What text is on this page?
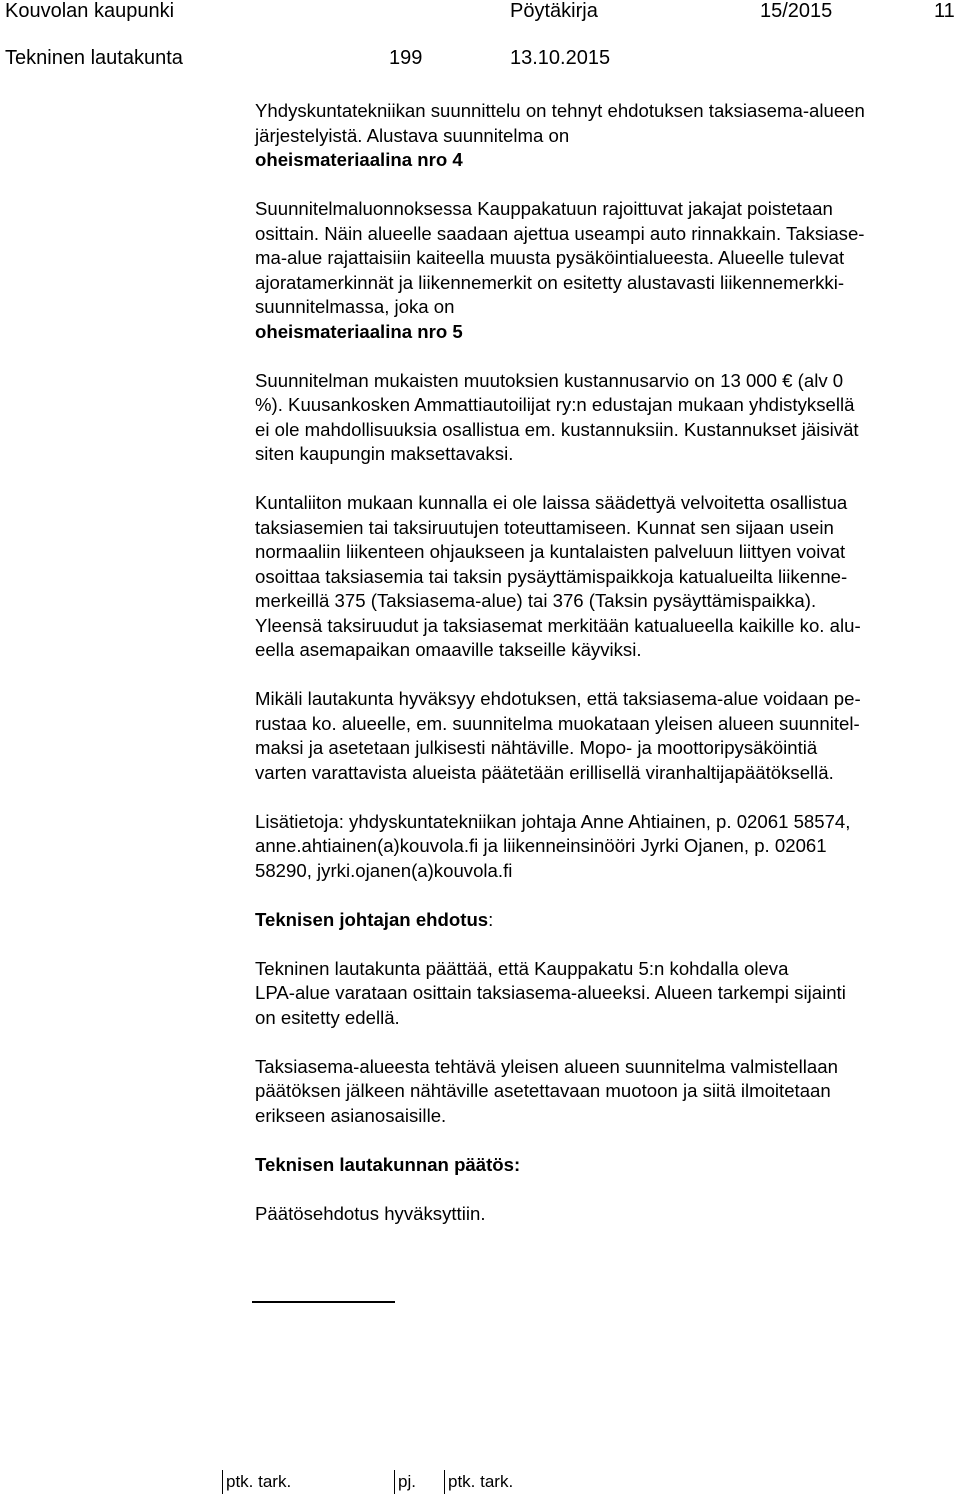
Kouvolan kaupunki	Pöytäkirja	15/2015	11
Tekninen lautakunta	199	13.10.2015

Yhdyskuntatekniikan suunnittelu on tehnyt ehdotuksen taksiasema-alueen
järjestelyistä. Alustava suunnitelma on
oheismateriaalina nro 4

Suunnitelmaluonnoksessa Kauppakatuun rajoittuvat jakajat poistetaan
osittain. Näin alueelle saadaan ajettua useampi auto rinnakkain. Taksiase-
ma-alue rajattaisiin kaiteella muusta pysäköintialueesta. Alueelle tulevat
ajoratamerkinnät ja liikennemerkit on esitetty alustavasti liikennemerkki-
suunnitelmassa, joka on
oheismateriaalina nro 5

Suunnitelman mukaisten muutoksien kustannusarvio on 13 000 € (alv 0
%). Kuusankosken Ammattiautoilijat ry:n edustajan mukaan yhdistyksellä
ei ole mahdollisuuksia osallistua em. kustannuksiin. Kustannukset jäisivät
siten kaupungin maksettavaksi.

Kuntaliiton mukaan kunnalla ei ole laissa säädettyä velvoitetta osallistua
taksiasemien tai taksiruutujen toteuttamiseen. Kunnat sen sijaan usein
normaaliin liikenteen ohjaukseen ja kuntalaisten palveluun liittyen voivat
osoittaa taksiasemia tai taksin pysäyttämispaikkoja katualueilta liikenne-
merkeillä 375 (Taksiasema-alue) tai 376 (Taksin pysäyttämispaikka).
Yleensä taksiruudut ja taksiasemat merkitään katualueella kaikille ko. alu-
eella asemapaikan omaaville takseille käyviksi.

Mikäli lautakunta hyväksyy ehdotuksen, että taksiasema-alue voidaan pe-
rustaa ko. alueelle, em. suunnitelma muokataan yleisen alueen suunnitel-
maksi ja asetetaan julkisesti nähtäville. Mopo- ja moottoripysäköintiä
varten varattavista alueista päätetään erillisellä viranhaltijapäätöksellä.

Lisätietoja: yhdyskuntatekniikan johtaja Anne Ahtiainen, p. 02061 58574,
anne.ahtiainen(a)kouvola.fi ja liikenneinsinööri Jyrki Ojanen, p. 02061
58290, jyrki.ojanen(a)kouvola.fi

Teknisen johtajan ehdotus:

Tekninen lautakunta päättää, että Kauppakatu 5:n kohdalla oleva
LPA-alue varataan osittain taksiasema-alueeksi. Alueen tarkempi sijainti
on esitetty edellä.

Taksiasema-alueesta tehtävä yleisen alueen suunnitelma valmistellaan
päätöksen jälkeen nähtäville asetettavaan muotoon ja siitä ilmoitetaan
erikseen asianosaisille.

Teknisen lautakunnan päätös:

Päätösehdotus hyväksyttiin.

pj.
ptk. tark.	ptk. tark.
